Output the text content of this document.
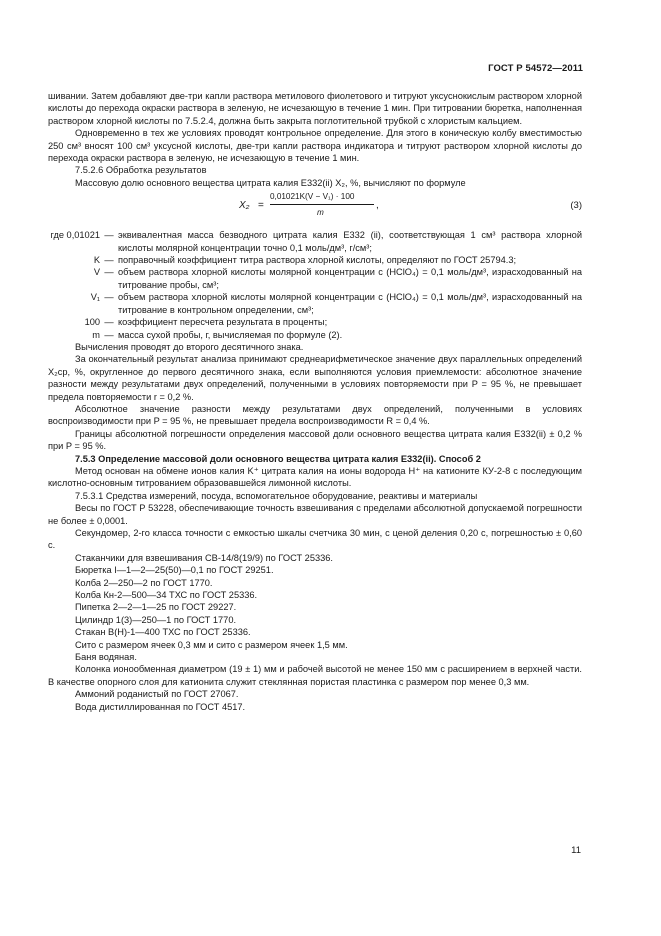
ГОСТ Р 54572—2011

шивании. Затем добавляют две-три капли раствора метилового фиолетового и титруют уксуснокислым раствором хлорной кислоты до перехода окраски раствора в зеленую, не исчезающую в течение 1 мин. При титровании бюретка, наполненная раствором хлорной кислоты по 7.5.2.4, должна быть закрыта поглотительной трубкой с хлористым кальцием.

Одновременно в тех же условиях проводят контрольное определение. Для этого в коническую колбу вместимостью 250 см³ вносят 100 см³ уксусной кислоты, две-три капли раствора индикатора и титруют раствором хлорной кислоты до перехода окраски раствора в зеленую, не исчезающую в течение 1 мин.

7.5.2.6 Обработка результатов

Массовую долю основного вещества цитрата калия Е332(ii) X₂, %, вычисляют по формуле

X₂ =
0,01021K(V − V₁) · 100
m
,	(3)
где 0,01021	—	эквивалентная масса безводного цитрата калия Е332 (ii), соответствующая 1 см³ раствора хлорной кислоты молярной концентрации точно 0,1 моль/дм³, г/см³;
K	—	поправочный коэффициент титра раствора хлорной кислоты, определяют по ГОСТ 25794.3;
V	—	объем раствора хлорной кислоты молярной концентрации c (HClO₄) = 0,1 моль/дм³, израсходованный на титрование пробы, см³;
V₁	—	объем раствора хлорной кислоты молярной концентрации c (HClO₄) = 0,1 моль/дм³, израсходованный на титрование в контрольном определении, см³;
100	—	коэффициент пересчета результата в проценты;
m	—	масса сухой пробы, г, вычисляемая по формуле (2).

Вычисления проводят до второго десятичного знака.

За окончательный результат анализа принимают среднеарифметическое значение двух параллельных определений X₂ср, %, округленное до первого десятичного знака, если выполняются условия приемлемости: абсолютное значение разности между результатами двух определений, полученными в условиях повторяемости при P = 95 %, не превышает предела повторяемости r = 0,2 %.

Абсолютное значение разности между результатами двух определений, полученными в условиях воспроизводимости при P = 95 %, не превышает предела воспроизводимости R = 0,4 %.

Границы абсолютной погрешности определения массовой доли основного вещества цитрата калия Е332(ii) ± 0,2 % при P = 95 %.

7.5.3 Определение массовой доли основного вещества цитрата калия Е332(ii). Способ 2

Метод основан на обмене ионов калия K⁺ цитрата калия на ионы водорода H⁺ на катионите КУ-2-8 с последующим кислотно-основным титрованием образовавшейся лимонной кислоты.

7.5.3.1 Средства измерений, посуда, вспомогательное оборудование, реактивы и материалы

Весы по ГОСТ Р 53228, обеспечивающие точность взвешивания с пределами абсолютной допускаемой погрешности не более ± 0,0001.

Секундомер, 2-го класса точности с емкостью шкалы счетчика 30 мин, с ценой деления 0,20 с, погрешностью ± 0,60 с.

Стаканчики для взвешивания СВ-14/8(19/9) по ГОСТ 25336.

Бюретка I—1—2—25(50)—0,1 по ГОСТ 29251.

Колба 2—250—2 по ГОСТ 1770.

Колба Кн-2—500—34 ТХС по ГОСТ 25336.

Пипетка 2—2—1—25 по ГОСТ 29227.

Цилиндр 1(3)—250—1 по ГОСТ 1770.

Стакан В(Н)-1—400 ТХС по ГОСТ 25336.

Сито с размером ячеек 0,3 мм и сито с размером ячеек 1,5 мм.

Баня водяная.

Колонка ионообменная диаметром (19 ± 1) мм и рабочей высотой не менее 150 мм с расширением в верхней части. В качестве опорного слоя для катионита служит стеклянная пористая пластинка с размером пор менее 0,3 мм.

Аммоний роданистый по ГОСТ 27067.

Вода дистиллированная по ГОСТ 4517.

11
